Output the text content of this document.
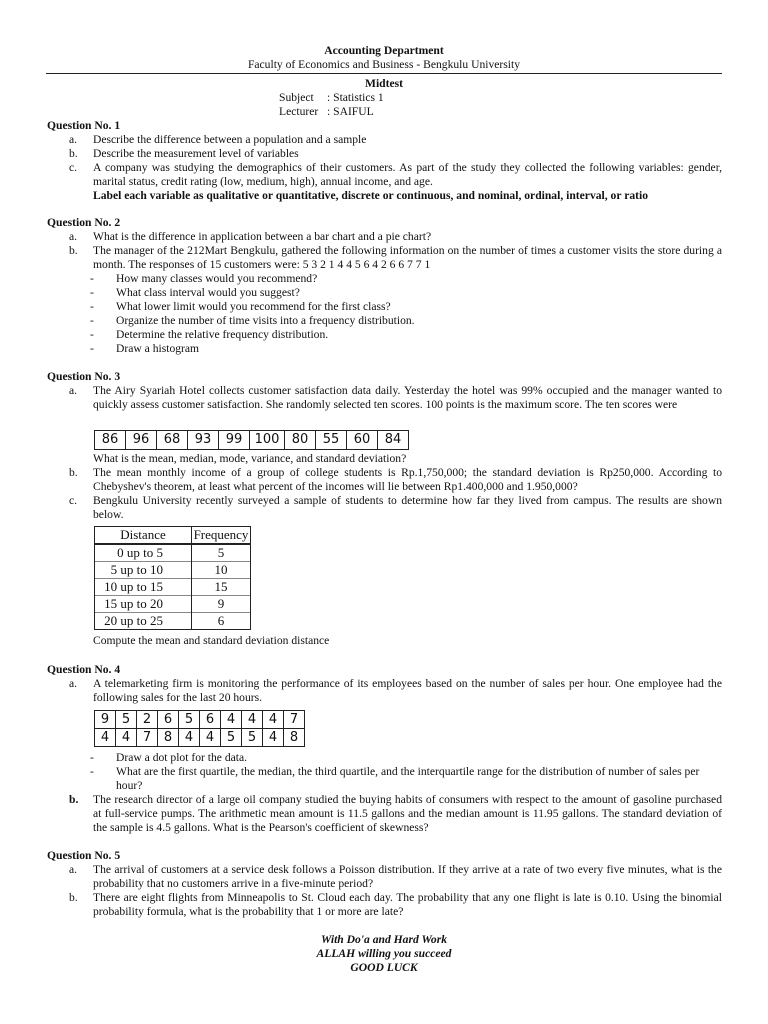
Accounting Department
Faculty of Economics and Business - Bengkulu University
Midtest
Subject : Statistics 1
Lecturer : SAIFUL
Question No. 1
a. Describe the difference between a population and a sample
b. Describe the measurement level of variables
c. A company was studying the demographics of their customers. As part of the study they collected the following variables: gender, marital status, credit rating (low, medium, high), annual income, and age.
Label each variable as qualitative or quantitative, discrete or continuous, and nominal, ordinal, interval, or ratio
Question No. 2
a. What is the difference in application between a bar chart and a pie chart?
b. The manager of the 212Mart Bengkulu, gathered the following information on the number of times a customer visits the store during a month. The responses of 15 customers were: 5 3 2 1 4 4 5 6 4 2 6 6 7 7 1
- How many classes would you recommend?
- What class interval would you suggest?
- What lower limit would you recommend for the first class?
- Organize the number of time visits into a frequency distribution.
- Determine the relative frequency distribution.
- Draw a histogram
Question No. 3
a. The Airy Syariah Hotel collects customer satisfaction data daily. Yesterday the hotel was 99% occupied and the manager wanted to quickly assess customer satisfaction. She randomly selected ten scores. 100 points is the maximum score. The ten scores were
86	96	68	93	99	100	80	55	60	84
What is the mean, median, mode, variance, and standard deviation?
b. The mean monthly income of a group of college students is Rp.1,750,000; the standard deviation is Rp250,000. According to Chebyshev's theorem, at least what percent of the incomes will lie between Rp1.400,000 and 1.950,000?
c. Bengkulu University recently surveyed a sample of students to determine how far they lived from campus. The results are shown below.
Distance	Frequency
0 up to 5	5
5 up to 10	10
10 up to 15	15
15 up to 20	9
20 up to 25	6
Compute the mean and standard deviation distance
Question No. 4
a. A telemarketing firm is monitoring the performance of its employees based on the number of sales per hour. One employee had the following sales for the last 20 hours.
9	5	2	6	5	6	4	4	4	7
4	4	7	8	4	4	5	5	4	8
- Draw a dot plot for the data.
- What are the first quartile, the median, the third quartile, and the interquartile range for the distribution of number of sales per hour?
b. The research director of a large oil company studied the buying habits of consumers with respect to the amount of gasoline purchased at full-service pumps. The arithmetic mean amount is 11.5 gallons and the median amount is 11.95 gallons. The standard deviation of the sample is 4.5 gallons. What is the Pearson's coefficient of skewness?
Question No. 5
a. The arrival of customers at a service desk follows a Poisson distribution. If they arrive at a rate of two every five minutes, what is the probability that no customers arrive in a five-minute period?
b. There are eight flights from Minneapolis to St. Cloud each day. The probability that any one flight is late is 0.10. Using the binomial probability formula, what is the probability that 1 or more are late?
With Do'a and Hard Work
ALLAH willing you succeed
GOOD LUCK
